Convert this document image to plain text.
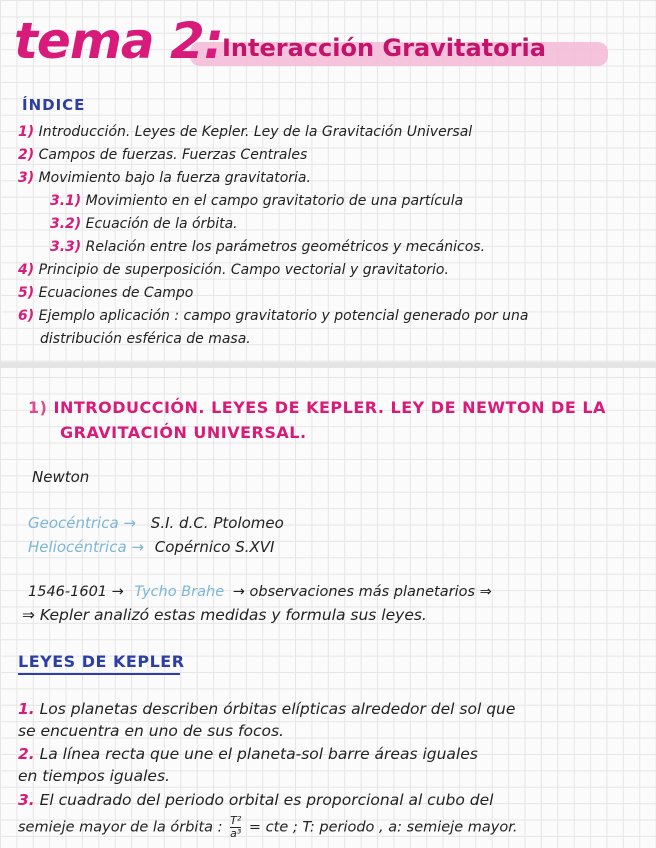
tema 2: Interacción Gravitatoria
ÍNDICE
1) Introducción. Leyes de Kepler. Ley de la Gravitación Universal
2) Campos de fuerzas. Fuerzas Centrales
3) Movimiento bajo la fuerza gravitatoria.
3.1) Movimiento en el campo gravitatorio de una partícula
3.2) Ecuación de la órbita.
3.3) Relación entre los parámetros geométricos y mecánicos.
4) Principio de superposición. Campo vectorial y gravitatorio.
5) Ecuaciones de Campo
6) Ejemplo aplicación : campo gravitatorio y potencial generado por una
distribución esférica de masa.
1) INTRODUCCIÓN. LEYES DE KEPLER. LEY DE NEWTON DE LA
GRAVITACIÓN UNIVERSAL.
Newton
Geocéntrica → S.I. d.C. Ptolomeo
Heliocéntrica → Copérnico S.XVI
1546-1601 → Tycho Brahe → observaciones más planetarios ⇒
⇒ Kepler analizó estas medidas y formula sus leyes.
LEYES DE KEPLER
1. Los planetas describen órbitas elípticas alrededor del sol que
se encuentra en uno de sus focos.
2. La línea recta que une el planeta-sol barre áreas iguales
en tiempos iguales.
3. El cuadrado del periodo orbital es proporcional al cubo del
semieje mayor de la órbita : $\frac{\text{T²}}{\text{a³}}$ = cte ; T: periodo , a: semieje mayor.
